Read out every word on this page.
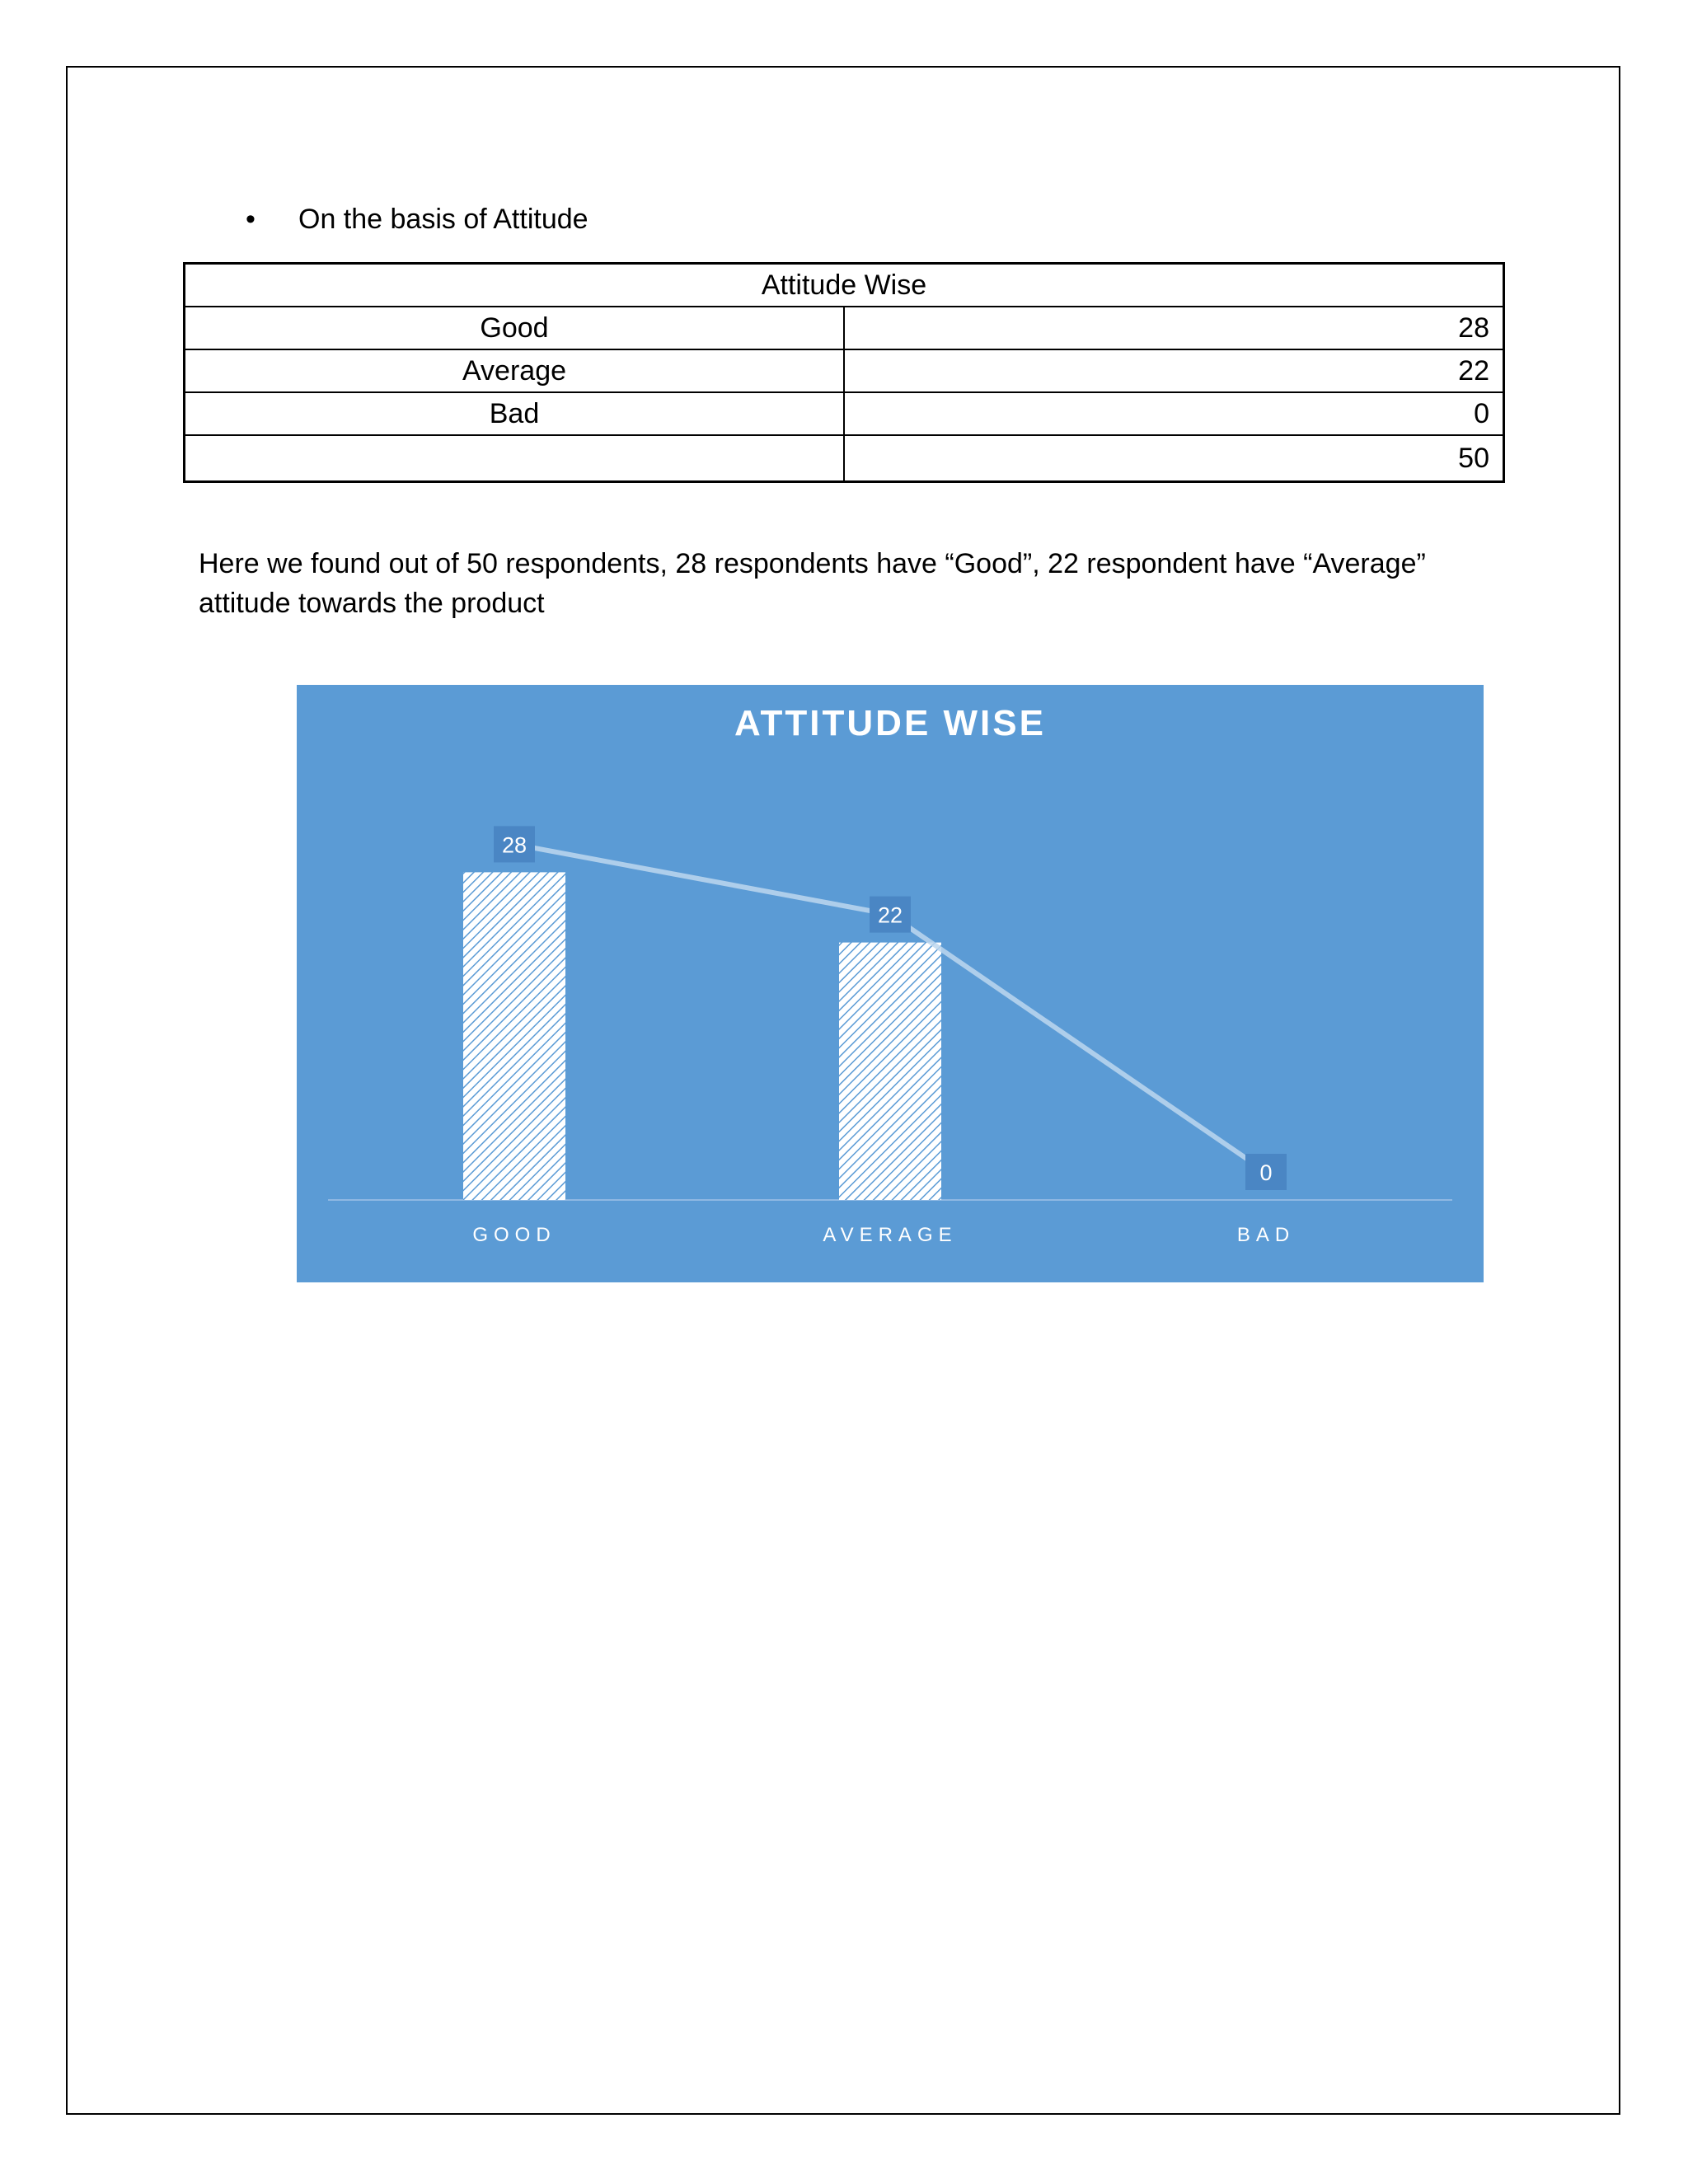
• On the basis of Attitude
Attitude Wise	
Good	28
Average	22
Bad	0
	50
Here we found out of 50 respondents, 28 respondents have “Good”, 22 respondent have “Average” attitude towards the product
ATTITUDE WISE
28
22
0
GOOD	AVERAGE	BAD
